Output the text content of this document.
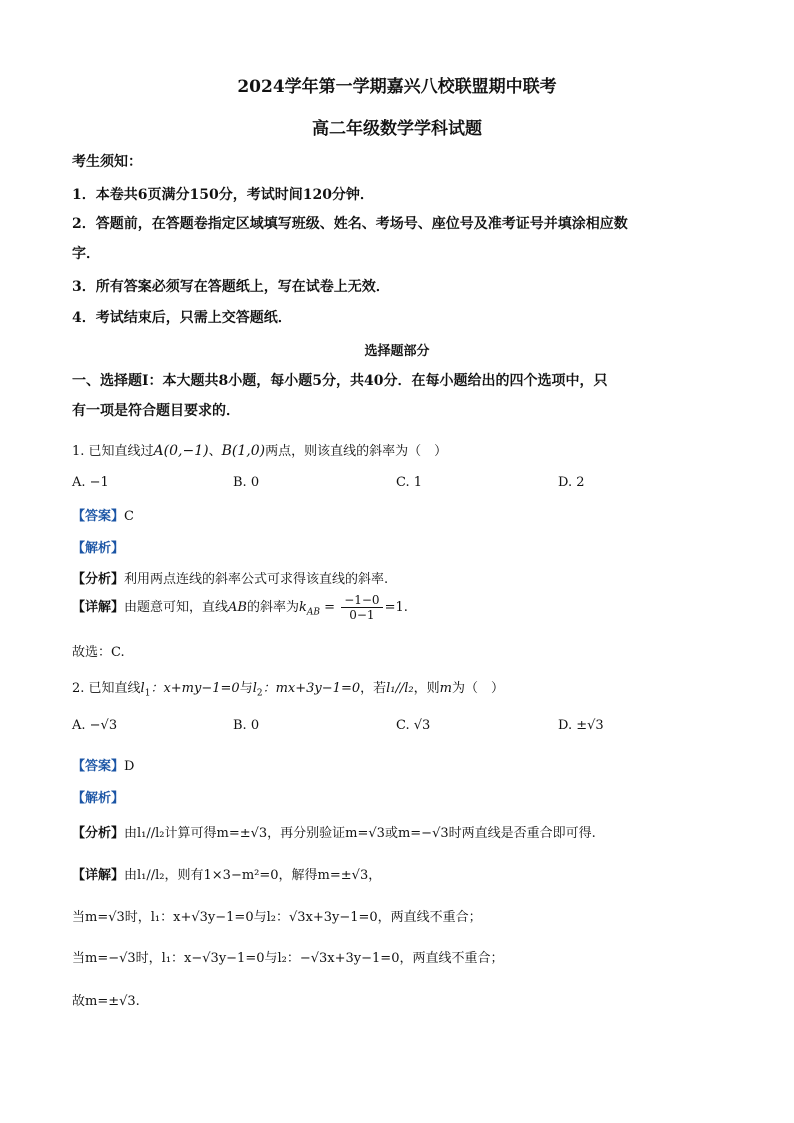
2024学年第一学期嘉兴八校联盟期中联考
高二年级数学学科试题
考生须知：
1．本卷共6页满分150分，考试时间120分钟．
2．答题前，在答题卷指定区域填写班级、姓名、考场号、座位号及准考证号并填涂相应数
字．
3．所有答案必须写在答题纸上，写在试卷上无效．
4．考试结束后，只需上交答题纸．
选择题部分
一、选择题Ⅰ：本大题共8小题，每小题5分，共40分．在每小题给出的四个选项中，只
有一项是符合题目要求的．
1. 已知直线过A(0,−1)、B(1,0)两点，则该直线的斜率为（　）
A. −1	B. 0	C. 1	D. 2
【答案】C
【解析】
【分析】利用两点连线的斜率公式可求得该直线的斜率.
【详解】由题意可知，直线AB的斜率为$k_{AB} = \frac{-1-0}{0-1} =1$.
故选：C.
2. 已知直线$l_1$：x+my−1=0与$l_2$：mx+3y−1=0，若l₁//l₂，则m为（　）
A. −√3	B. 0	C. √3	D. ±√3
【答案】D
【解析】
【分析】由l₁//l₂计算可得m=±√3，再分别验证m=√3或m=−√3时两直线是否重合即可得.
【详解】由l₁//l₂，则有1×3−m²=0，解得m=±√3，
当m=√3时，l₁：x+√3y−1=0与l₂：√3x+3y−1=0，两直线不重合；
当m=−√3时，l₁：x−√3y−1=0与l₂：−√3x+3y−1=0，两直线不重合；
故m=±√3.
